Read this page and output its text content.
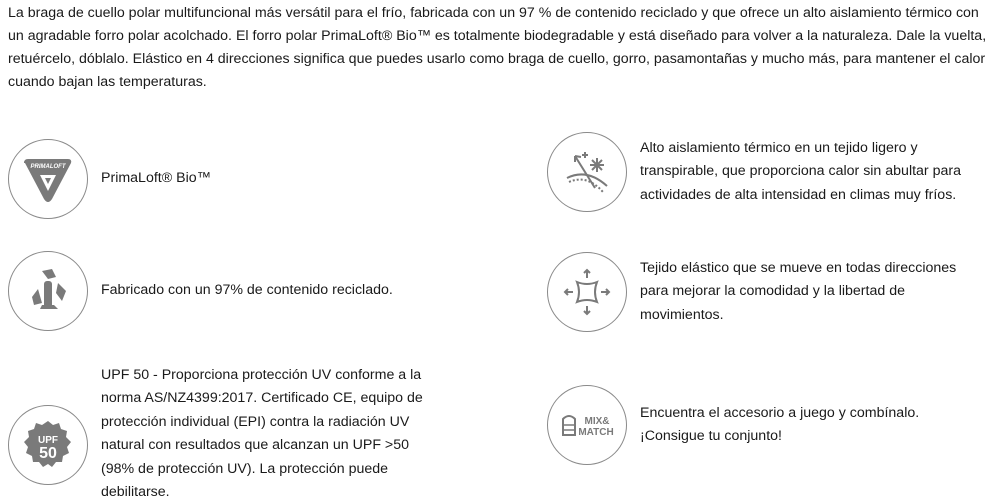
La braga de cuello polar multifuncional más versátil para el frío, fabricada con un 97 % de contenido reciclado y que ofrece un alto aislamiento térmico con un agradable forro polar acolchado. El forro polar PrimaLoft® Bio™ es totalmente biodegradable y está diseñado para volver a la naturaleza. Dale la vuelta, retuércelo, dóblalo. Elástico en 4 direcciones significa que puedes usarlo como braga de cuello, gorro, pasamontañas y mucho más, para mantener el calor cuando bajan las temperaturas.

PRIMALOFT
PrimaLoft® Bio™
Fabricado con un 97% de contenido reciclado.
UPF
50
UPF 50 - Proporciona protección UV conforme a la norma AS/NZ4399:2017. Certificado CE, equipo de protección individual (EPI) contra la radiación UV natural con resultados que alcanzan un UPF >50 (98% de protección UV). La protección puede debilitarse.
Alto aislamiento térmico en un tejido ligero y transpirable, que proporciona calor sin abultar para actividades de alta intensidad en climas muy fríos.
Tejido elástico que se mueve en todas direcciones para mejorar la comodidad y la libertad de movimientos.
MIX&
MATCH
Encuentra el accesorio a juego y combínalo. ¡Consigue tu conjunto!
